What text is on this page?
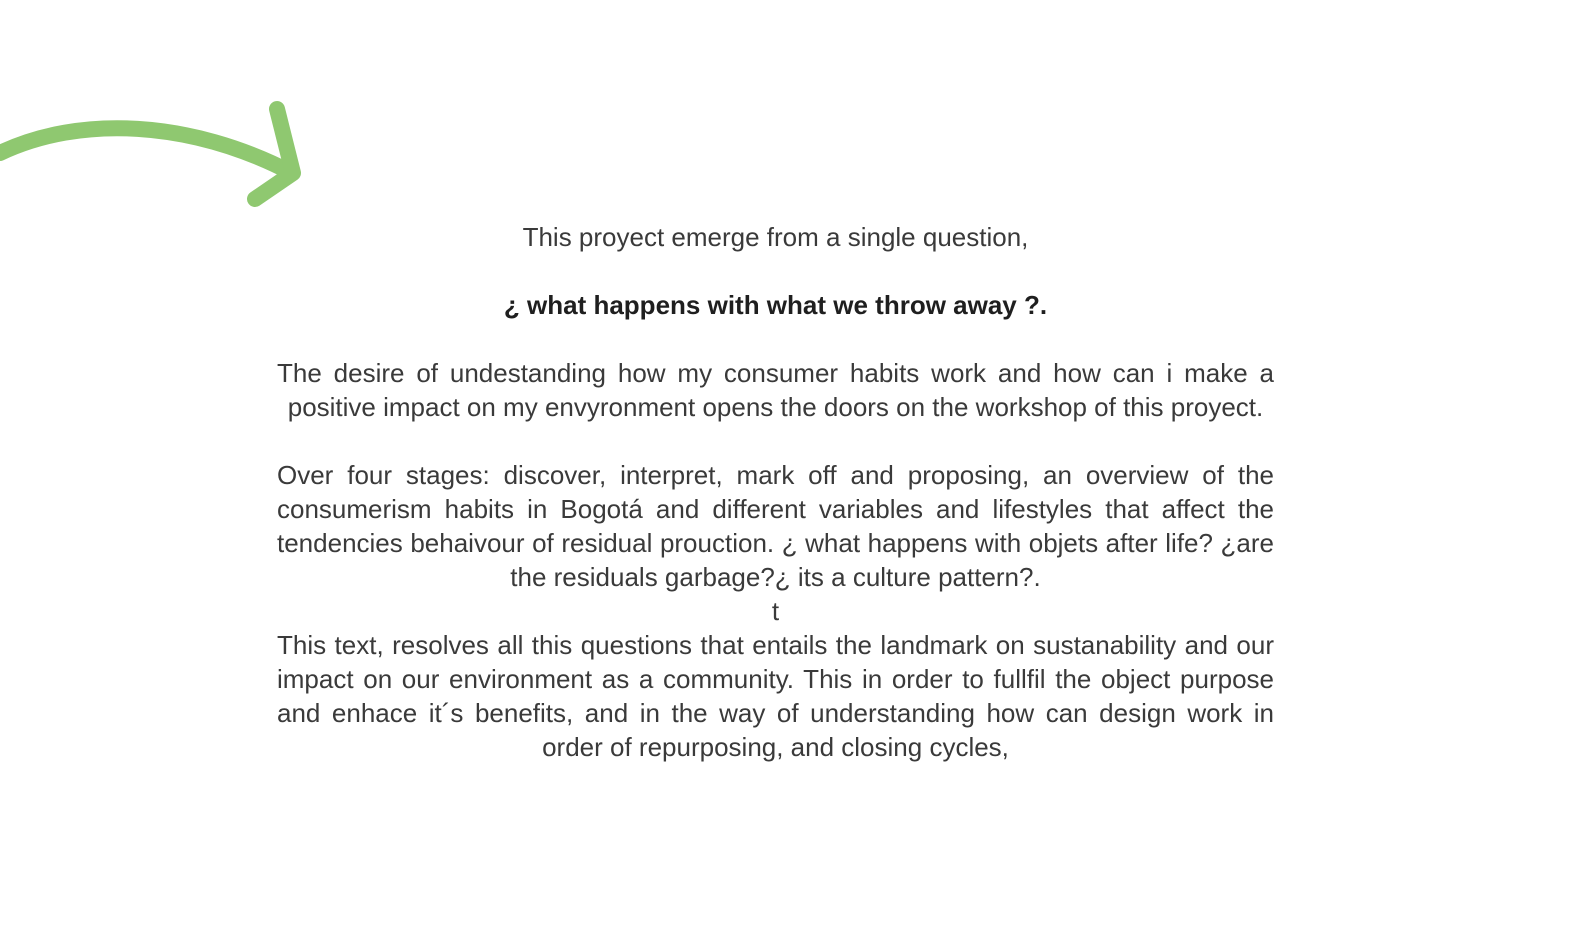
This proyect emerge from a single question,

¿ what happens with what we throw away ?.

The desire of undestanding how my consumer habits work and how can i make a positive impact on my envyronment opens the doors on the workshop of this proyect.

Over four stages: discover, interpret, mark off and proposing, an overview of the consumerism habits in Bogotá and different variables and lifestyles that affect the tendencies behaivour of residual prouction. ¿ what happens with objets after life? ¿are the residuals garbage?¿ its a culture pattern?.

t

This text, resolves all this questions that entails the landmark on sustanability and our impact on our environment as a community. This in order to fullfil the object purpose and enhace it´s benefits, and in the way of understanding how can design work in order of repurposing, and closing cycles,
